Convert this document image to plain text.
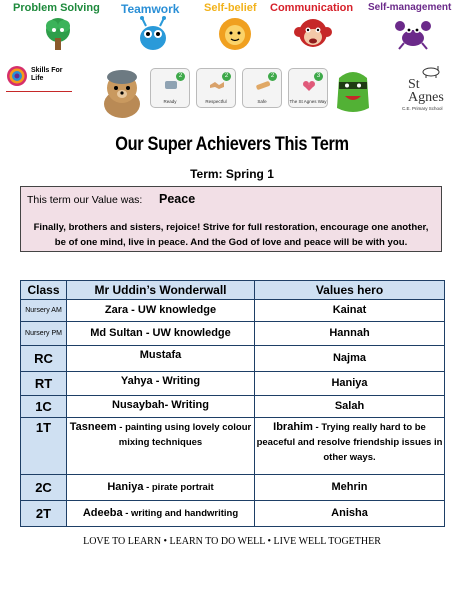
Problem Solving Teamwork Self-belief Communication Self-management
Skills For Life	2
Ready
2
Respectful
2
Safe
3
The St Agnes Way
St
Agnes
C.E. Primary School
Our Super Achievers This Term
Term: Spring 1
This term our Value was: Peace
Finally, brothers and sisters, rejoice! Strive for full restoration, encourage one another, be of one mind, live in peace. And the God of love and peace will be with you.
Class	Mr Uddin’s Wonderwall	Values hero
Nursery AM	Zara - UW knowledge	Kainat
Nursery PM	Md Sultan - UW knowledge	Hannah
RC	Mustafa	Najma
RT	Yahya - Writing	Haniya
1C	Nusaybah- Writing	Salah
1T	Tasneem - painting using lovely colour mixing techniques	Ibrahim - Trying really hard to be peaceful and resolve friendship issues in other ways.
2C	Haniya - pirate portrait	Mehrin
2T	Adeeba - writing and handwriting	Anisha
LOVE TO LEARN • LEARN TO DO WELL • LIVE WELL TOGETHER
